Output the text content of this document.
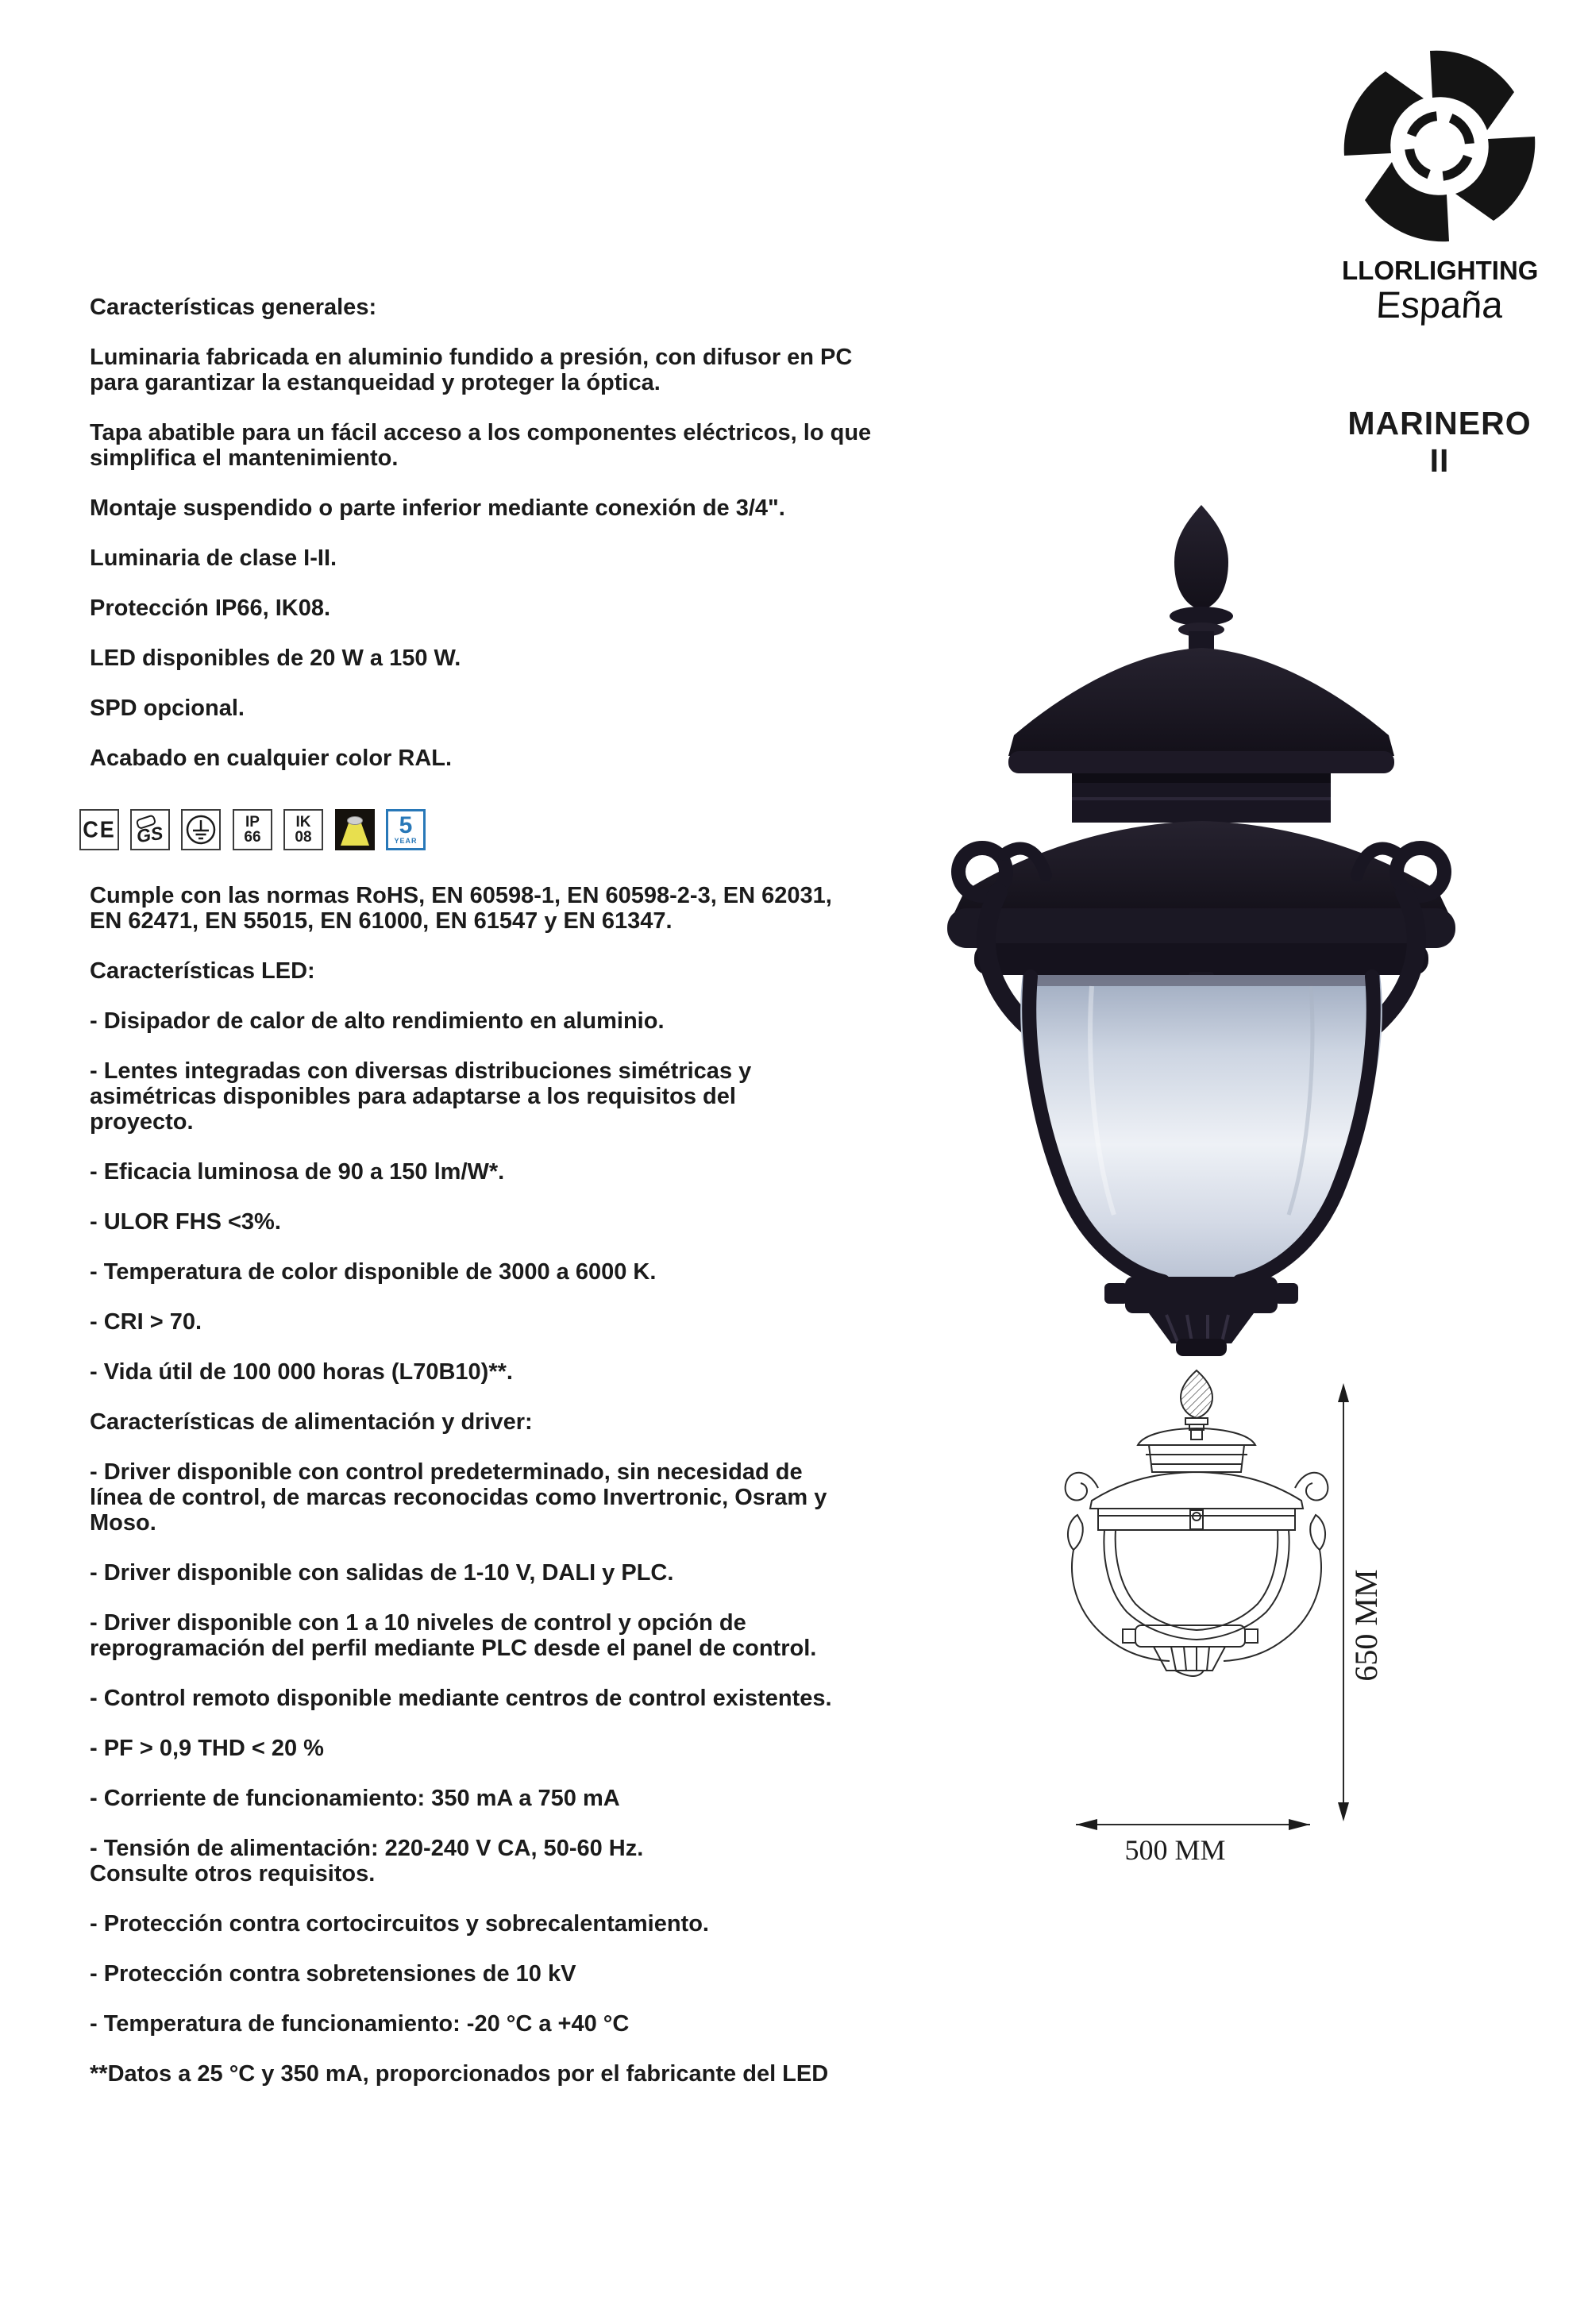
Características generales:

Luminaria fabricada en aluminio fundido a presión, con difusor en PC
para garantizar la estanqueidad y proteger la óptica.

Tapa abatible para un fácil acceso a los componentes eléctricos, lo que
simplifica el mantenimiento.

Montaje suspendido o parte inferior mediante conexión de 3/4".

Luminaria de clase I-II.

Protección IP66, IK08.

LED disponibles de 20 W a 150 W.

SPD opcional.

Acabado en cualquier color RAL.

CE GS
IP
66
IK
08	5
YEAR

Cumple con las normas RoHS, EN 60598-1, EN 60598-2-3, EN 62031,
EN 62471, EN 55015, EN 61000, EN 61547 y EN 61347.

Características LED:

- Disipador de calor de alto rendimiento en aluminio.

- Lentes integradas con diversas distribuciones simétricas y
asimétricas disponibles para adaptarse a los requisitos del
proyecto.

- Eficacia luminosa de 90 a 150 lm/W*.

- ULOR FHS <3%.

- Temperatura de color disponible de 3000 a 6000 K.

- CRI > 70.

- Vida útil de 100 000 horas (L70B10)**.

Características de alimentación y driver:

- Driver disponible con control predeterminado, sin necesidad de
línea de control, de marcas reconocidas como Invertronic, Osram y
Moso.

- Driver disponible con salidas de 1-10 V, DALI y PLC.

- Driver disponible con 1 a 10 niveles de control y opción de
reprogramación del perfil mediante PLC desde el panel de control.

- Control remoto disponible mediante centros de control existentes.

- PF > 0,9 THD < 20 %

- Corriente de funcionamiento: 350 mA a 750 mA

- Tensión de alimentación: 220-240 V CA, 50-60 Hz.
Consulte otros requisitos.

- Protección contra cortocircuitos y sobrecalentamiento.

- Protección contra sobretensiones de 10 kV

- Temperatura de funcionamiento: -20 °C a +40 °C

**Datos a 25 °C y 350 mA, proporcionados por el fabricante del LED

LLORLIGHTING
España
MARINERO II
650 MM
500 MM
